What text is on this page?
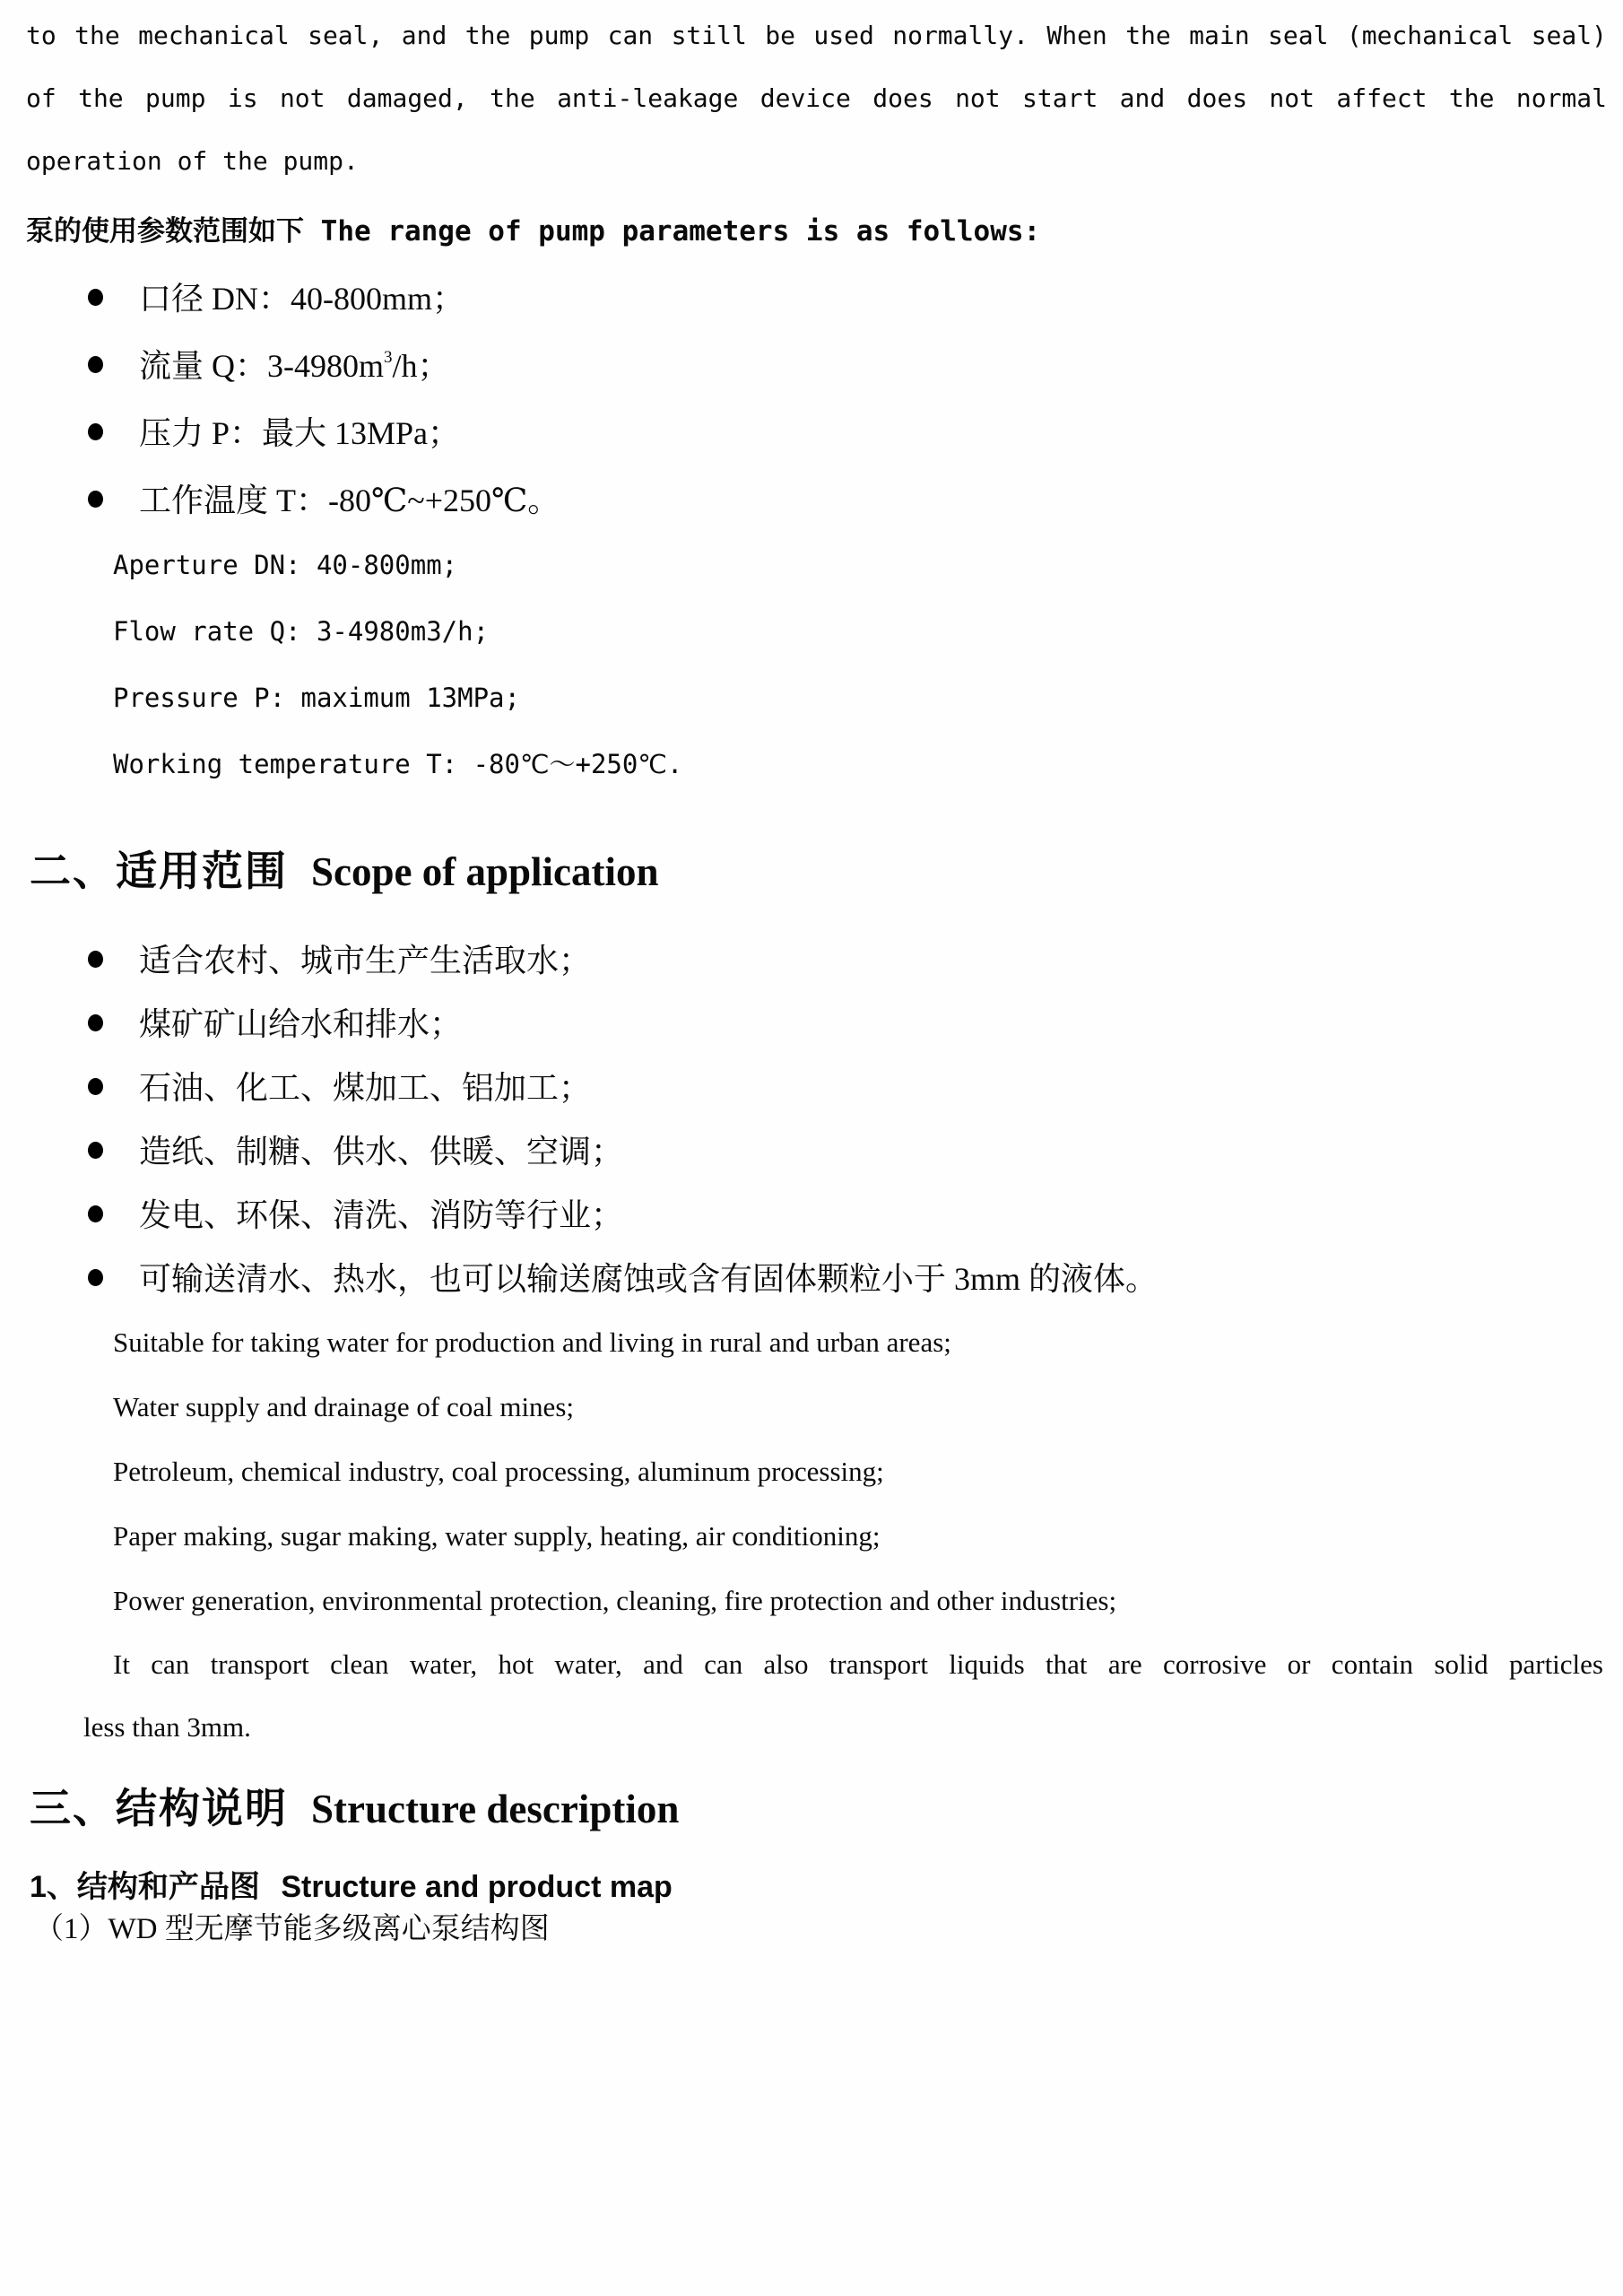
to the mechanical seal, and the pump can still be used normally. When the main seal (mechanical seal)
of the pump is not damaged, the anti-leakage device does not start and does not affect the normal
operation of the pump.
泵的使用参数范围如下 The range of pump parameters is as follows:
口径 DN：40-800mm；
流量 Q：$3-4980m^3/h$；
压力 P：最大 13MPa；
工作温度 T：-80℃~+250℃。
Aperture DN: 40-800mm;
Flow rate Q: 3-4980m3/h;
Pressure P: maximum 13MPa;
Working temperature T: -80℃～+250℃.
二、适用范围 Scope of application
适合农村、城市生产生活取水；
煤矿矿山给水和排水；
石油、化工、煤加工、铝加工；
造纸、制糖、供水、供暖、空调；
发电、环保、清洗、消防等行业；
可输送清水、热水，也可以输送腐蚀或含有固体颗粒小于 3mm 的液体。
Suitable for taking water for production and living in rural and urban areas;
Water supply and drainage of coal mines;
Petroleum, chemical industry, coal processing, aluminum processing;
Paper making, sugar making, water supply, heating, air conditioning;
Power generation, environmental protection, cleaning, fire protection and other industries;
It can transport clean water, hot water, and can also transport liquids that are corrosive or contain solid particles
less than 3mm.
三、结构说明 Structure description
1、结构和产品图 Structure and product map
（1）WD 型无摩节能多级离心泵结构图
